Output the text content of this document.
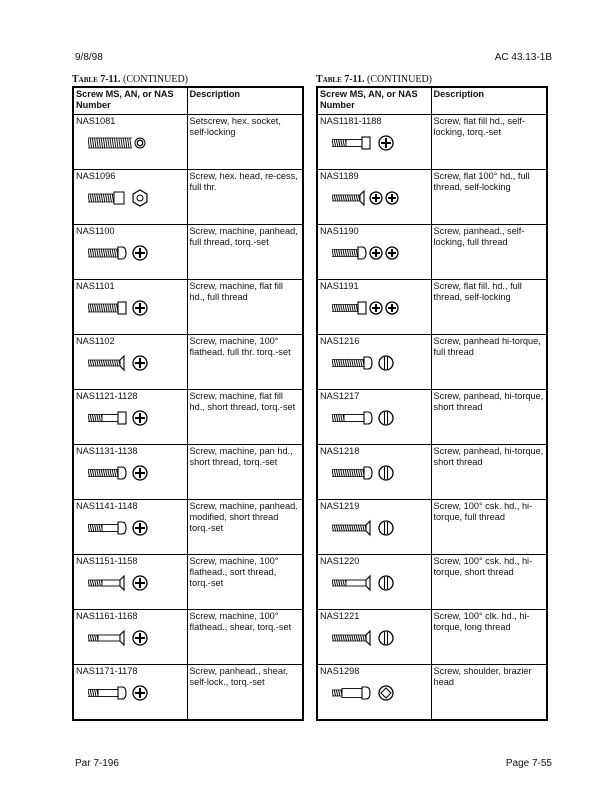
9/8/98	AC 43.13-1B
Table 7-11. (CONTINUED)
Screw MS, AN, or NAS Number	Description

NAS1081	Setscrew, hex. socket, self-locking

NAS1096	Screw, hex. head, re-cess, full thr.

NAS1100	Screw, machine, panhead, full thread, torq.-set

NAS1101	Screw, machine, flat fill hd., full thread

NAS1102	Screw, machine, 100° flathead. full thr. torq.-set

NAS1121-1128	Screw, machine, flat fill hd., short thread, torq.-set

NAS1131-1138	Screw, machine, pan hd., short thread, torq.-set

NAS1141-1148	Screw, machine, panhead. modified, short thread torq.-set

NAS1151-1158	Screw, machine, 100° flathead., sort thread, torq.-set

NAS1161-1168	Screw, machine, 100° flathead., shear, torq.-set

NAS1171-1178	Screw, panhead., shear, self-lock., torq.-set
Table 7-11. (CONTINUED)
Screw MS, AN, or NAS Number	Description

NAS1181-1188	Screw, flat fill hd., self-locking, torq.-set

NAS1189	Screw, flat 100° hd., full thread, self-locking

NAS1190	Screw, panhead., self-locking, full thread

NAS1191	Screw, flat fill. hd., full thread, self-locking

NAS1216	Screw, panhead hi-torque, full thread

NAS1217	Screw, panhead, hi-torque, short thread

NAS1218	Screw, panhead, hi-torque, short thread

NAS1219	Screw, 100° csk. hd., hi-torque, full thread

NAS1220	Screw, 100° csk. hd., hi-torque, short thread

NAS1221	Screw, 100° clk. hd., hi-torque, long thread

NAS1298	Screw, shoulder, brazier head
Par 7-196	Page 7-55
